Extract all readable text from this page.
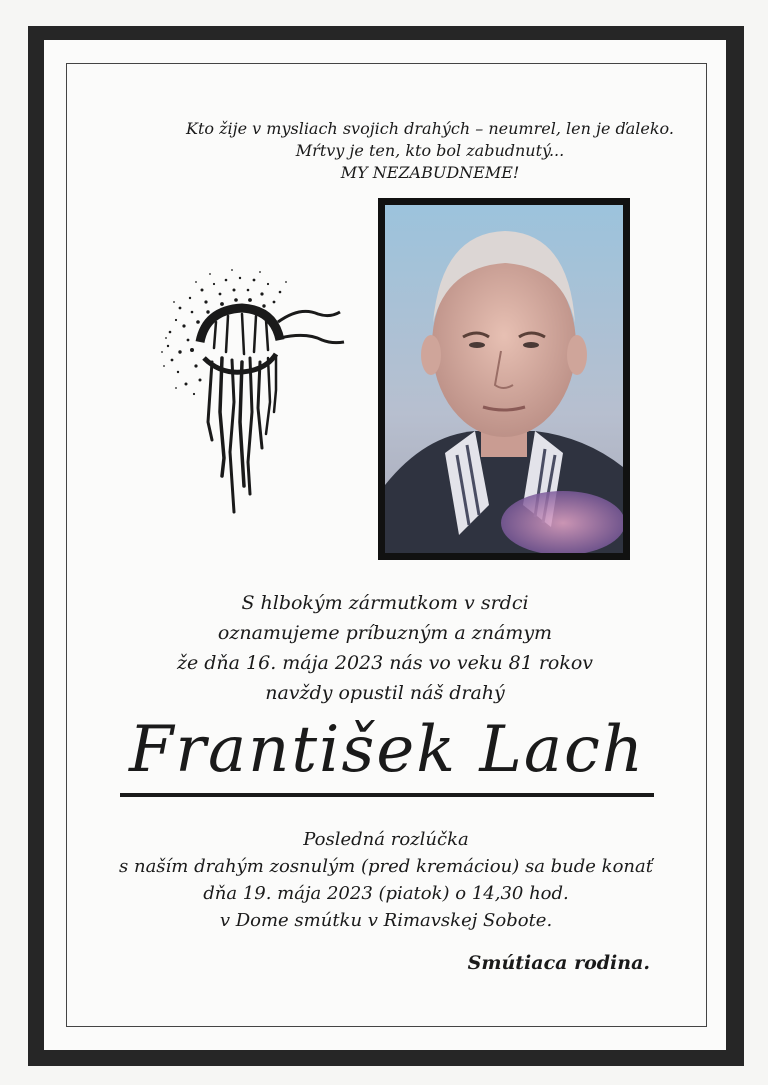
Kto žije v mysliach svojich drahých – neumrel, len je ďaleko.
Mŕtvy je ten, kto bol zabudnutý...
MY NEZABUDNEME!
S hlbokým zármutkom v srdci
oznamujeme príbuzným a známym
že dňa 16. mája 2023 nás vo veku 81 rokov
navždy opustil náš drahý
František Lach
Posledná rozlúčka
s naším drahým zosnulým (pred kremáciou) sa bude konať
dňa 19. mája 2023 (piatok) o 14,30 hod.
v Dome smútku v Rimavskej Sobote.
Smútiaca rodina.
